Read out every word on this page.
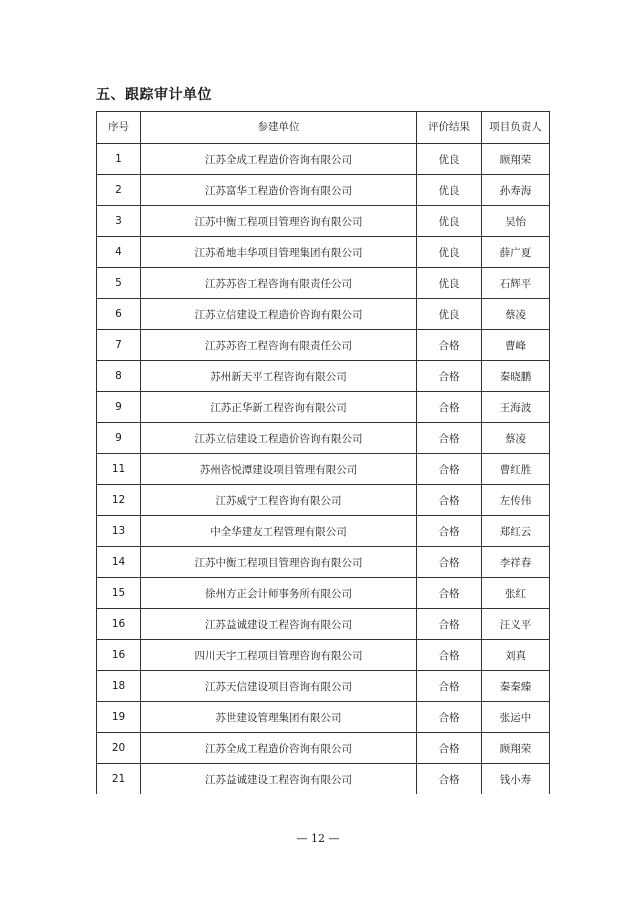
五、跟踪审计单位
序号	参建单位	评价结果	项目负责人
1	江苏全成工程造价咨询有限公司	优良	顾翔荣
2	江苏富华工程造价咨询有限公司	优良	孙寿海
3	江苏中衡工程项目管理咨询有限公司	优良	吴怡
4	江苏希地丰华项目管理集团有限公司	优良	薛广夏
5	江苏苏咨工程咨询有限责任公司	优良	石辉平
6	江苏立信建设工程造价咨询有限公司	优良	蔡凌
7	江苏苏咨工程咨询有限责任公司	合格	曹峰
8	苏州新天平工程咨询有限公司	合格	秦晓鹏
9	江苏正华新工程咨询有限公司	合格	王海波
9	江苏立信建设工程造价咨询有限公司	合格	蔡凌
11	苏州咨悦潭建设项目管理有限公司	合格	曹红胜
12	江苏威宁工程咨询有限公司	合格	左传伟
13	中全华建友工程管理有限公司	合格	郑红云
14	江苏中衡工程项目管理咨询有限公司	合格	李祥春
15	徐州方正会计师事务所有限公司	合格	张红
16	江苏益诚建设工程咨询有限公司	合格	汪义平
16	四川天宇工程项目管理咨询有限公司	合格	刘真
18	江苏天信建设项目咨询有限公司	合格	秦秦臻
19	苏世建设管理集团有限公司	合格	张运中
20	江苏全成工程造价咨询有限公司	合格	顾翔荣
21	江苏益诚建设工程咨询有限公司	合格	钱小寿
— 12 —
